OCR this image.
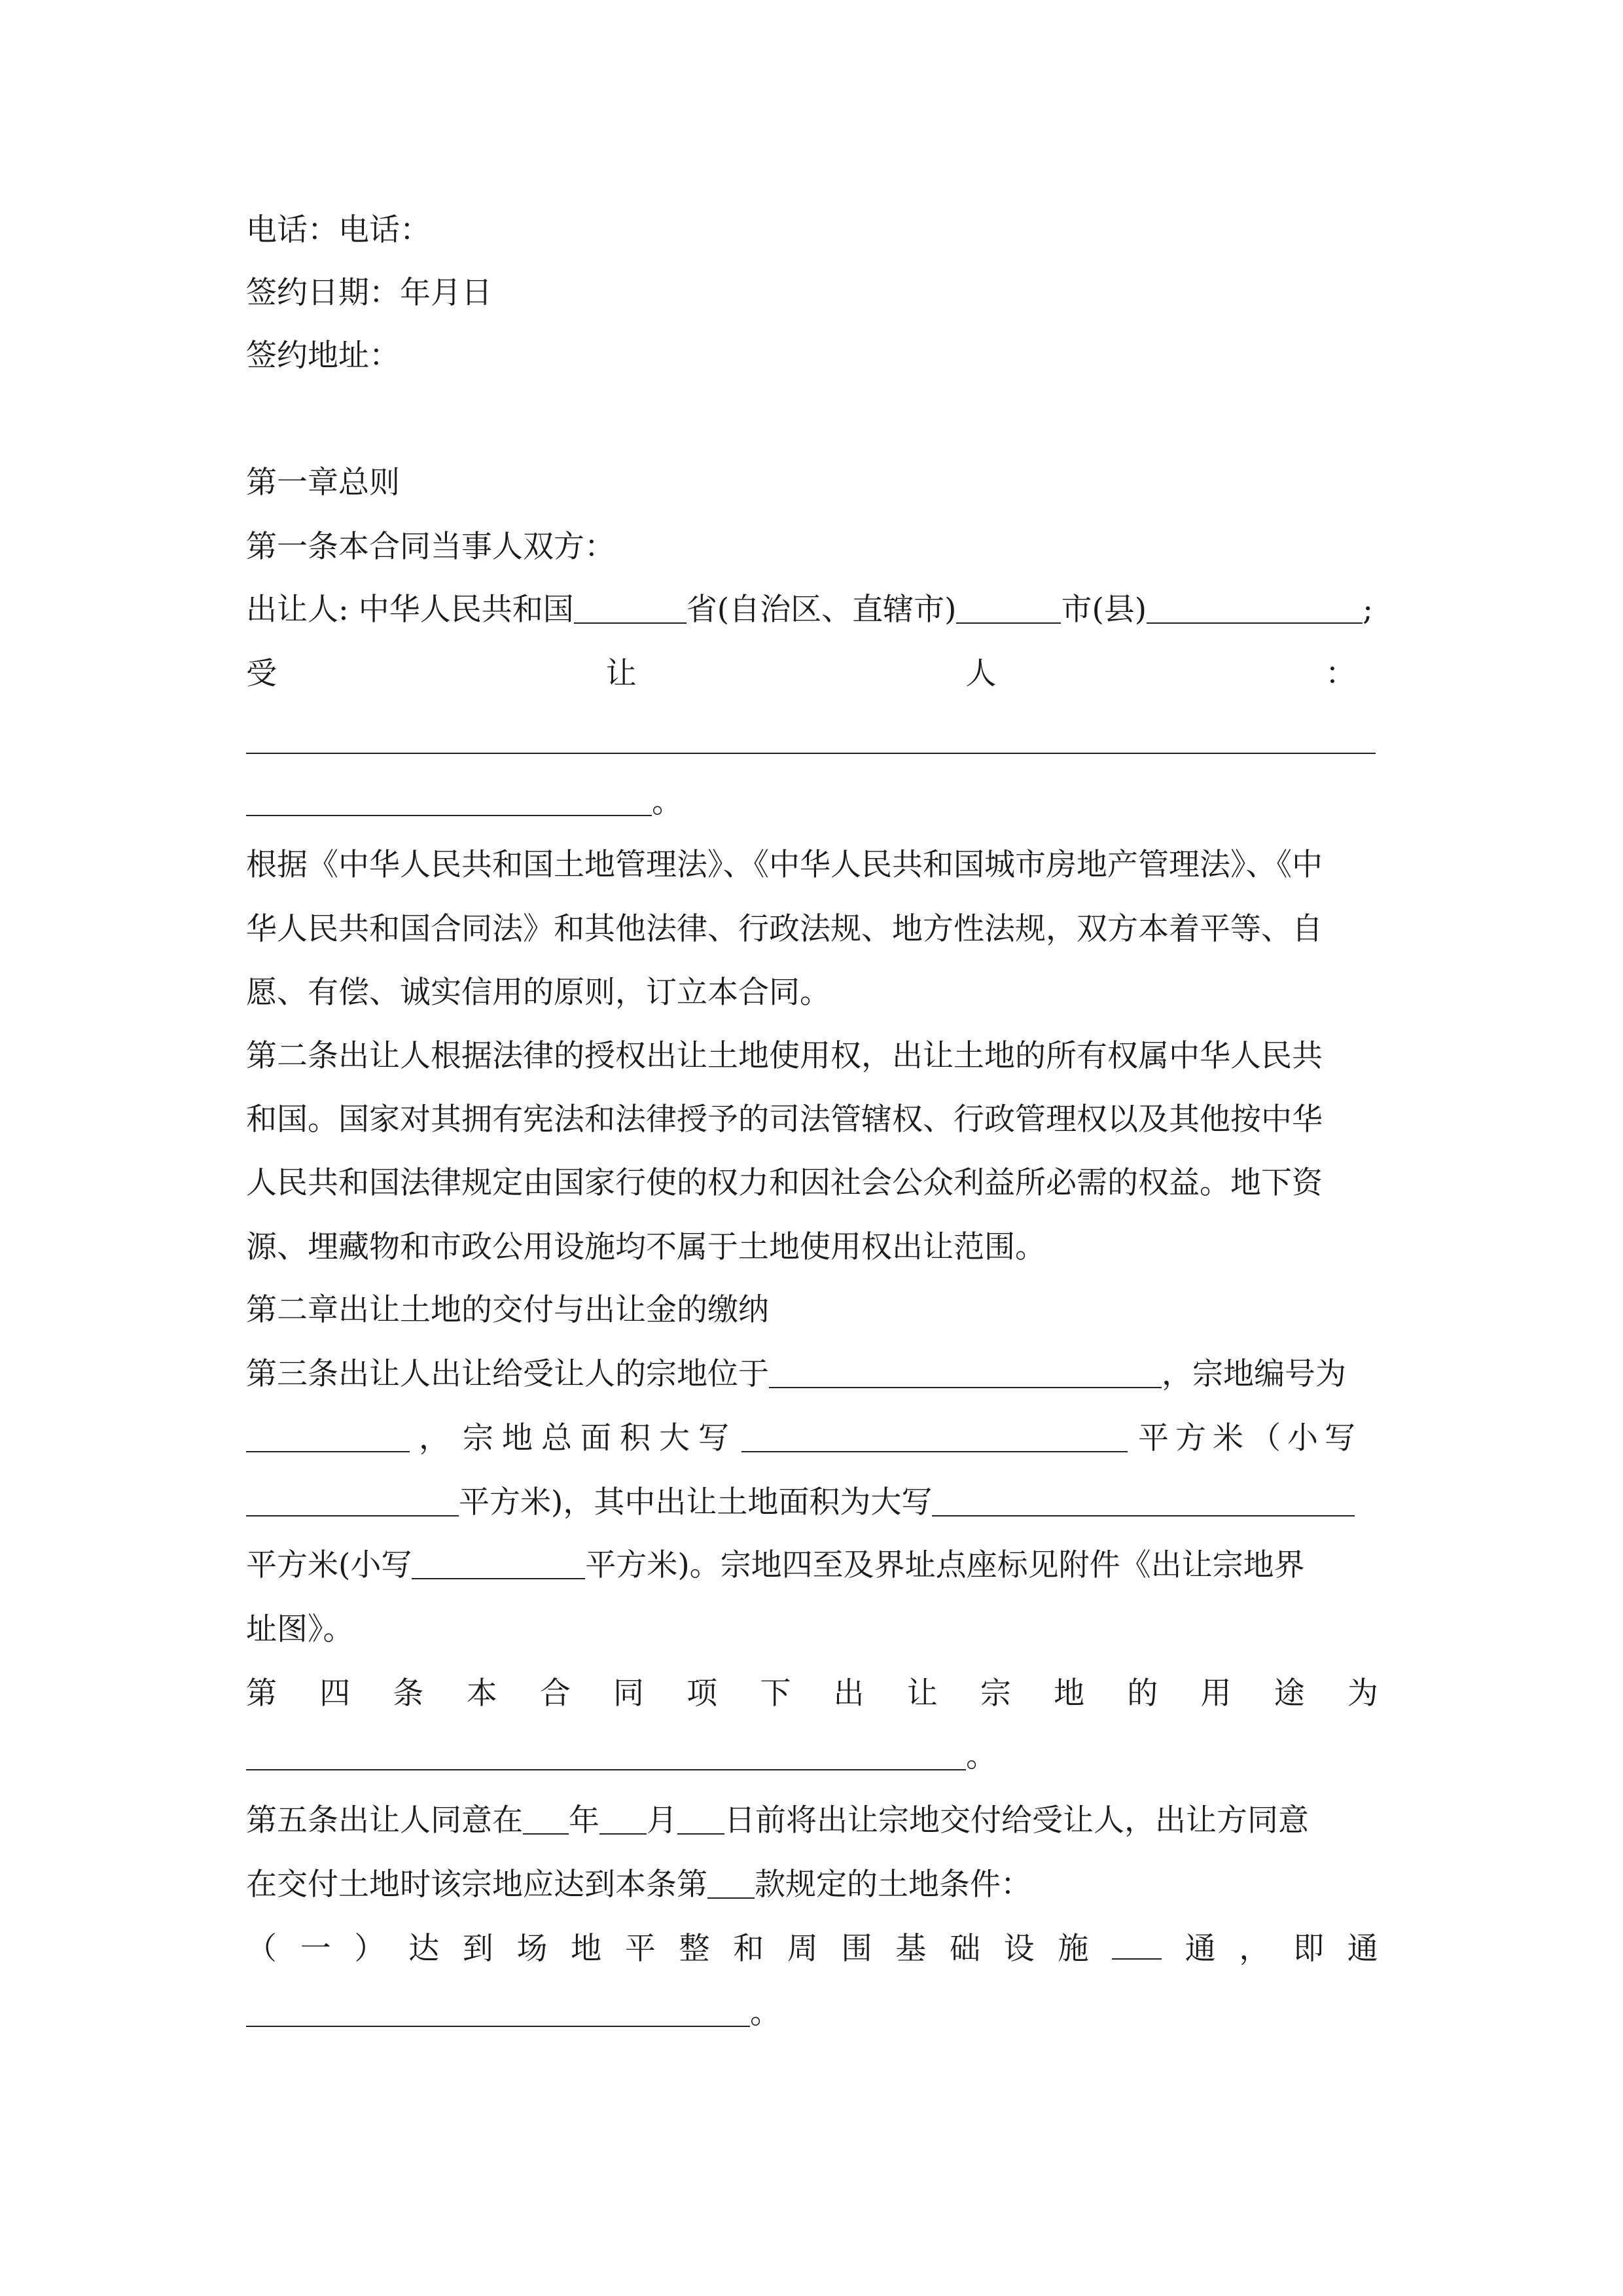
电话：电话：
签约日期：年月日
签约地址：
第一章总则
第一条本合同当事人双方：
出让人: 中华人民共和国	省(自治区、直辖市)	市(县)	;
受	让	人	：
。
根据《中华人民共和国土地管理法》、《中华人民共和国城市房地产管理法》、《中
华人民共和国合同法》和其他法律、行政法规、地方性法规，双方本着平等、自
愿、有偿、诚实信用的原则，订立本合同。
第二条出让人根据法律的授权出让土地使用权，出让土地的所有权属中华人民共
和国。国家对其拥有宪法和法律授予的司法管辖权、行政管理权以及其他按中华
人民共和国法律规定由国家行使的权力和因社会公众利益所必需的权益。地下资
源、埋藏物和市政公用设施均不属于土地使用权出让范围。
第二章出让土地的交付与出让金的缴纳
第三条出让人出让给受让人的宗地位于	，宗地编号为
， 宗地总面积大写	平方米（小写
平方米)，其中出让土地面积为大写
平方米(小写	平方米)。宗地四至及界址点座标见附件《出让宗地界
址图》。
第 四 条 本 合 同 项 下 出 让 宗 地 的 用 途 为
。
第五条出让人同意在 年 月 日前将出让宗地交付给受让人，出让方同意
在交付土地时该宗地应达到本条第 款规定的土地条件：
（ 一 ） 达 到 场 地 平 整 和 周 围 基 础 设 施	通 ， 即 通
。
